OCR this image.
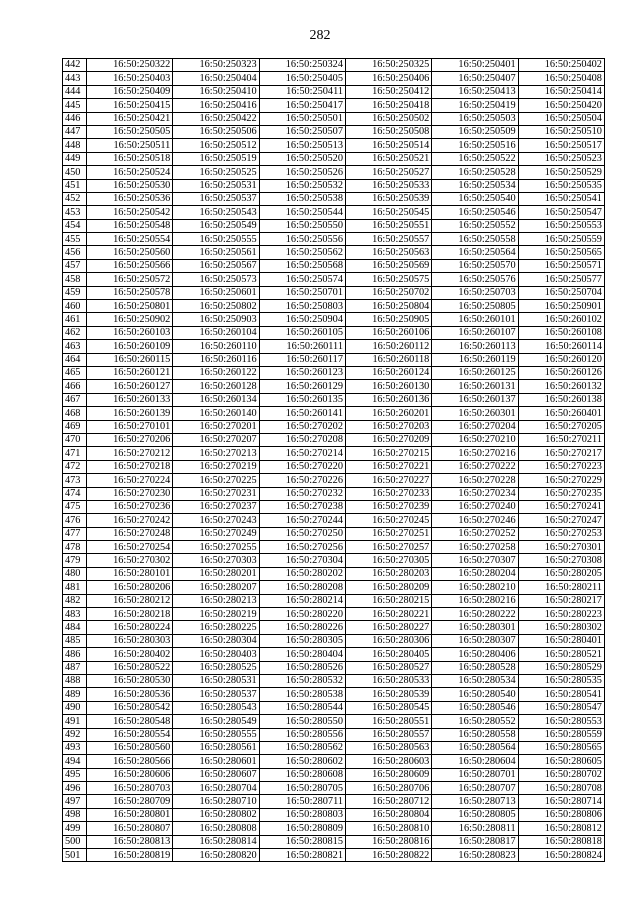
282
442	16:50:250322	16:50:250323	16:50:250324	16:50:250325	16:50:250401	16:50:250402
443	16:50:250403	16:50:250404	16:50:250405	16:50:250406	16:50:250407	16:50:250408
444	16:50:250409	16:50:250410	16:50:250411	16:50:250412	16:50:250413	16:50:250414
445	16:50:250415	16:50:250416	16:50:250417	16:50:250418	16:50:250419	16:50:250420
446	16:50:250421	16:50:250422	16:50:250501	16:50:250502	16:50:250503	16:50:250504
447	16:50:250505	16:50:250506	16:50:250507	16:50:250508	16:50:250509	16:50:250510
448	16:50:250511	16:50:250512	16:50:250513	16:50:250514	16:50:250516	16:50:250517
449	16:50:250518	16:50:250519	16:50:250520	16:50:250521	16:50:250522	16:50:250523
450	16:50:250524	16:50:250525	16:50:250526	16:50:250527	16:50:250528	16:50:250529
451	16:50:250530	16:50:250531	16:50:250532	16:50:250533	16:50:250534	16:50:250535
452	16:50:250536	16:50:250537	16:50:250538	16:50:250539	16:50:250540	16:50:250541
453	16:50:250542	16:50:250543	16:50:250544	16:50:250545	16:50:250546	16:50:250547
454	16:50:250548	16:50:250549	16:50:250550	16:50:250551	16:50:250552	16:50:250553
455	16:50:250554	16:50:250555	16:50:250556	16:50:250557	16:50:250558	16:50:250559
456	16:50:250560	16:50:250561	16:50:250562	16:50:250563	16:50:250564	16:50:250565
457	16:50:250566	16:50:250567	16:50:250568	16:50:250569	16:50:250570	16:50:250571
458	16:50:250572	16:50:250573	16:50:250574	16:50:250575	16:50:250576	16:50:250577
459	16:50:250578	16:50:250601	16:50:250701	16:50:250702	16:50:250703	16:50:250704
460	16:50:250801	16:50:250802	16:50:250803	16:50:250804	16:50:250805	16:50:250901
461	16:50:250902	16:50:250903	16:50:250904	16:50:250905	16:50:260101	16:50:260102
462	16:50:260103	16:50:260104	16:50:260105	16:50:260106	16:50:260107	16:50:260108
463	16:50:260109	16:50:260110	16:50:260111	16:50:260112	16:50:260113	16:50:260114
464	16:50:260115	16:50:260116	16:50:260117	16:50:260118	16:50:260119	16:50:260120
465	16:50:260121	16:50:260122	16:50:260123	16:50:260124	16:50:260125	16:50:260126
466	16:50:260127	16:50:260128	16:50:260129	16:50:260130	16:50:260131	16:50:260132
467	16:50:260133	16:50:260134	16:50:260135	16:50:260136	16:50:260137	16:50:260138
468	16:50:260139	16:50:260140	16:50:260141	16:50:260201	16:50:260301	16:50:260401
469	16:50:270101	16:50:270201	16:50:270202	16:50:270203	16:50:270204	16:50:270205
470	16:50:270206	16:50:270207	16:50:270208	16:50:270209	16:50:270210	16:50:270211
471	16:50:270212	16:50:270213	16:50:270214	16:50:270215	16:50:270216	16:50:270217
472	16:50:270218	16:50:270219	16:50:270220	16:50:270221	16:50:270222	16:50:270223
473	16:50:270224	16:50:270225	16:50:270226	16:50:270227	16:50:270228	16:50:270229
474	16:50:270230	16:50:270231	16:50:270232	16:50:270233	16:50:270234	16:50:270235
475	16:50:270236	16:50:270237	16:50:270238	16:50:270239	16:50:270240	16:50:270241
476	16:50:270242	16:50:270243	16:50:270244	16:50:270245	16:50:270246	16:50:270247
477	16:50:270248	16:50:270249	16:50:270250	16:50:270251	16:50:270252	16:50:270253
478	16:50:270254	16:50:270255	16:50:270256	16:50:270257	16:50:270258	16:50:270301
479	16:50:270302	16:50:270303	16:50:270304	16:50:270305	16:50:270307	16:50:270308
480	16:50:280101	16:50:280201	16:50:280202	16:50:280203	16:50:280204	16:50:280205
481	16:50:280206	16:50:280207	16:50:280208	16:50:280209	16:50:280210	16:50:280211
482	16:50:280212	16:50:280213	16:50:280214	16:50:280215	16:50:280216	16:50:280217
483	16:50:280218	16:50:280219	16:50:280220	16:50:280221	16:50:280222	16:50:280223
484	16:50:280224	16:50:280225	16:50:280226	16:50:280227	16:50:280301	16:50:280302
485	16:50:280303	16:50:280304	16:50:280305	16:50:280306	16:50:280307	16:50:280401
486	16:50:280402	16:50:280403	16:50:280404	16:50:280405	16:50:280406	16:50:280521
487	16:50:280522	16:50:280525	16:50:280526	16:50:280527	16:50:280528	16:50:280529
488	16:50:280530	16:50:280531	16:50:280532	16:50:280533	16:50:280534	16:50:280535
489	16:50:280536	16:50:280537	16:50:280538	16:50:280539	16:50:280540	16:50:280541
490	16:50:280542	16:50:280543	16:50:280544	16:50:280545	16:50:280546	16:50:280547
491	16:50:280548	16:50:280549	16:50:280550	16:50:280551	16:50:280552	16:50:280553
492	16:50:280554	16:50:280555	16:50:280556	16:50:280557	16:50:280558	16:50:280559
493	16:50:280560	16:50:280561	16:50:280562	16:50:280563	16:50:280564	16:50:280565
494	16:50:280566	16:50:280601	16:50:280602	16:50:280603	16:50:280604	16:50:280605
495	16:50:280606	16:50:280607	16:50:280608	16:50:280609	16:50:280701	16:50:280702
496	16:50:280703	16:50:280704	16:50:280705	16:50:280706	16:50:280707	16:50:280708
497	16:50:280709	16:50:280710	16:50:280711	16:50:280712	16:50:280713	16:50:280714
498	16:50:280801	16:50:280802	16:50:280803	16:50:280804	16:50:280805	16:50:280806
499	16:50:280807	16:50:280808	16:50:280809	16:50:280810	16:50:280811	16:50:280812
500	16:50:280813	16:50:280814	16:50:280815	16:50:280816	16:50:280817	16:50:280818
501	16:50:280819	16:50:280820	16:50:280821	16:50:280822	16:50:280823	16:50:280824
